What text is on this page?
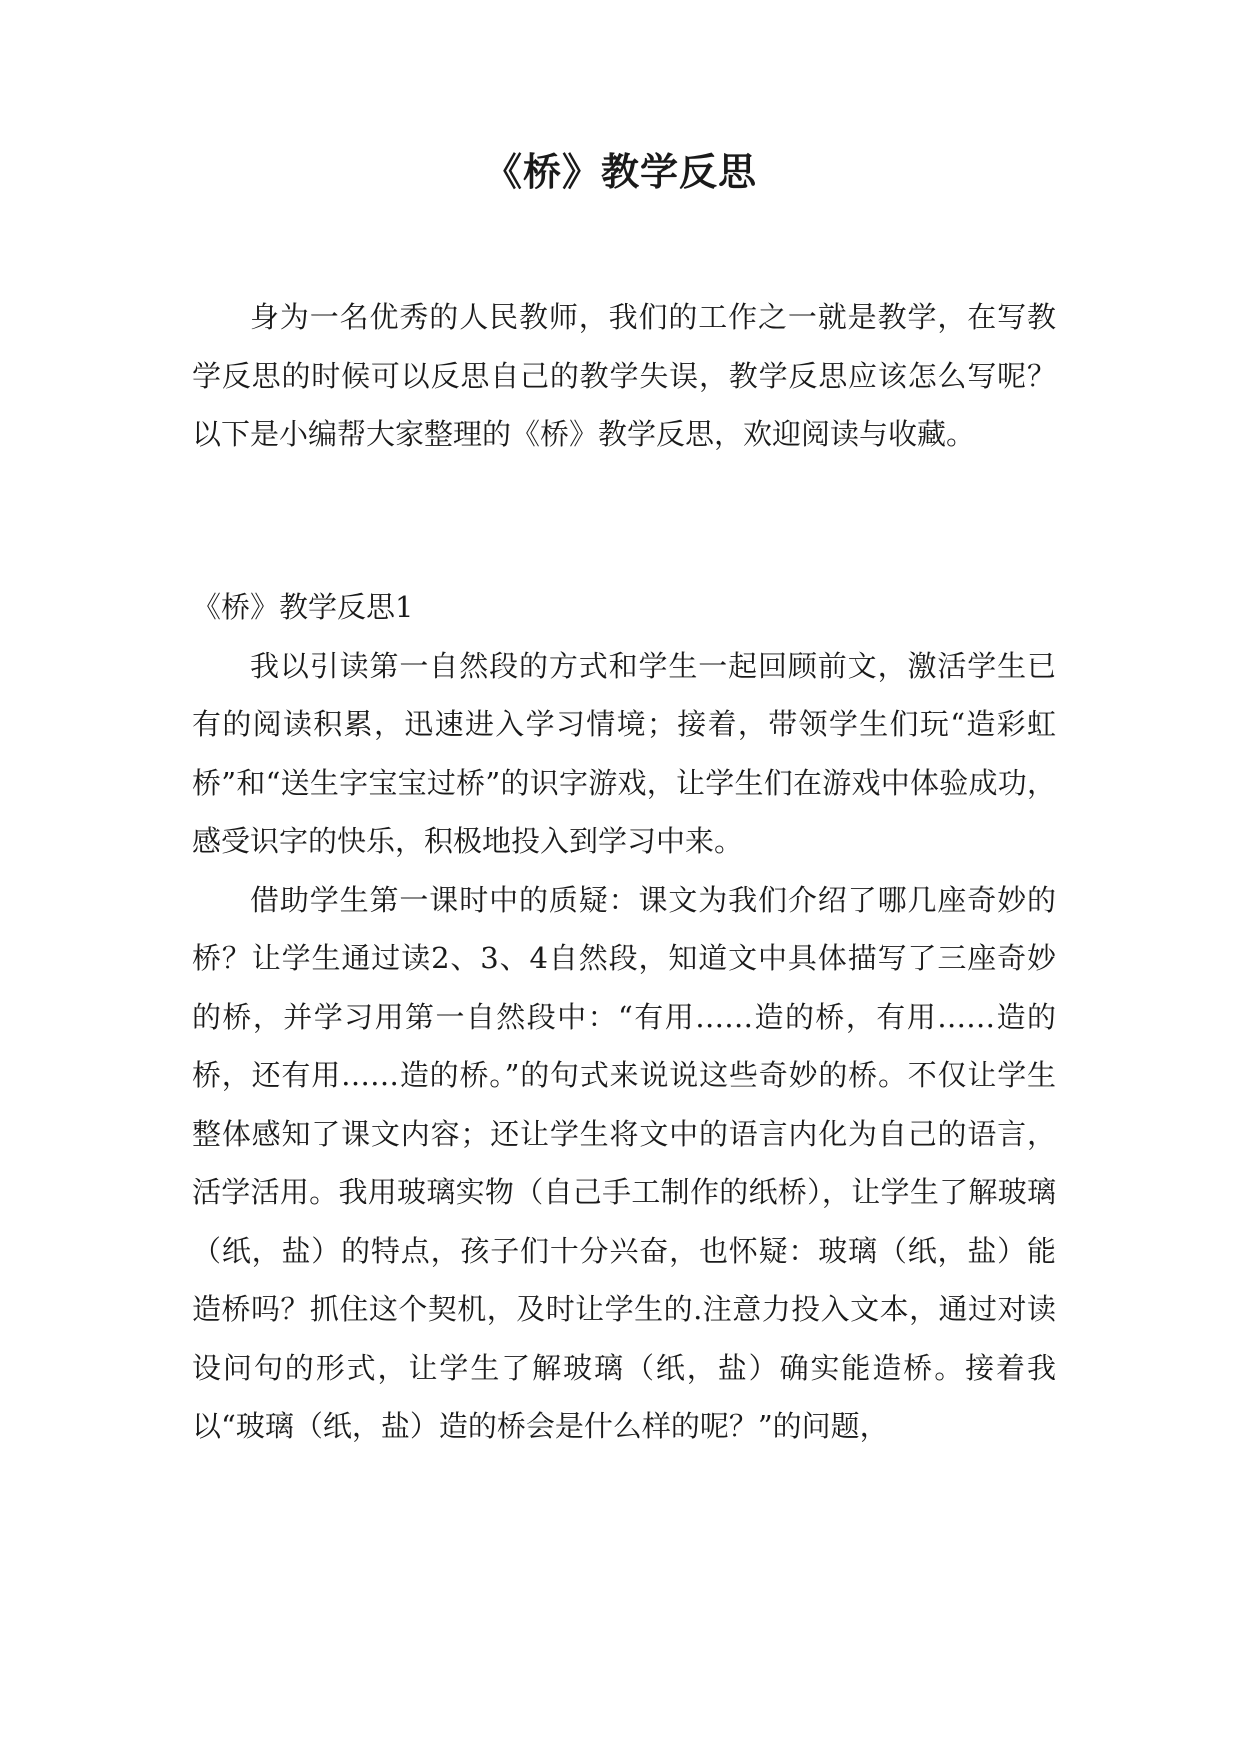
《桥》教学反思

身为一名优秀的人民教师，我们的工作之一就是教学，在写教学反思的时候可以反思自己的教学失误，教学反思应该怎么写呢？以下是小编帮大家整理的《桥》教学反思，欢迎阅读与收藏。

《桥》教学反思1

我以引读第一自然段的方式和学生一起回顾前文，激活学生已有的阅读积累，迅速进入学习情境；接着，带领学生们玩“造彩虹桥”和“送生字宝宝过桥”的识字游戏，让学生们在游戏中体验成功，感受识字的快乐，积极地投入到学习中来。

借助学生第一课时中的质疑：课文为我们介绍了哪几座奇妙的桥？让学生通过读2、3、4自然段，知道文中具体描写了三座奇妙的桥，并学习用第一自然段中：“有用……造的桥，有用……造的桥，还有用……造的桥。”的句式来说说这些奇妙的桥。不仅让学生整体感知了课文内容；还让学生将文中的语言内化为自己的语言，活学活用。我用玻璃实物（自己手工制作的纸桥），让学生了解玻璃（纸，盐）的特点，孩子们十分兴奋，也怀疑：玻璃（纸，盐）能造桥吗？抓住这个契机，及时让学生的.注意力投入文本，通过对读设问句的形式，让学生了解玻璃（纸，盐）确实能造桥。接着我以“玻璃（纸，盐）造的桥会是什么样的呢？”的问题，
